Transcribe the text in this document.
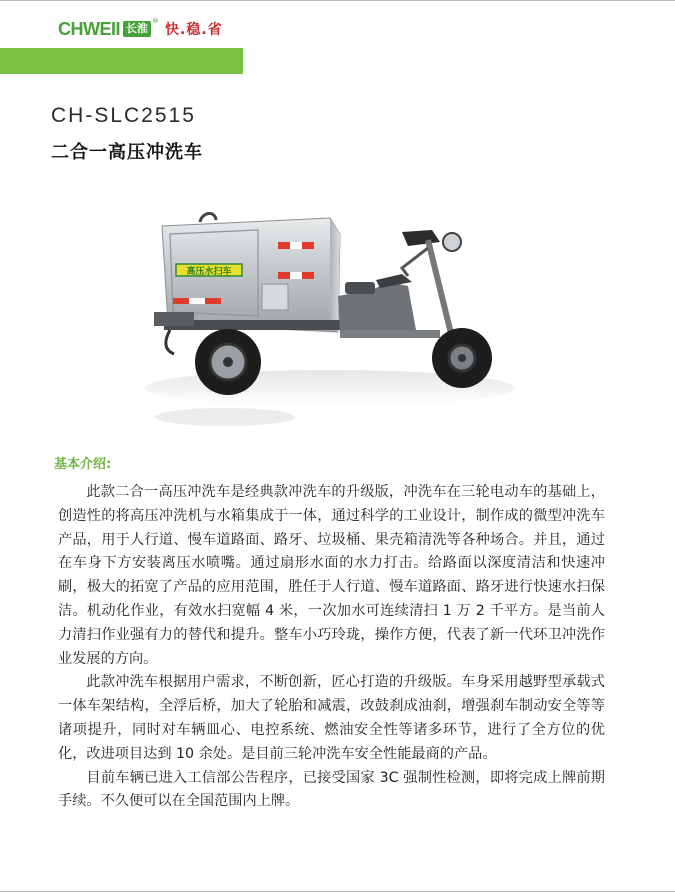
CHWEII 长淮
®
快.稳.省
CH-SLC2515
二合一高压冲洗车
高压水扫车
基本介绍:

此款二合一高压冲洗车是经典款冲洗车的升级版，冲洗车在三轮电动车的基础上，创造性的将高压冲洗机与水箱集成于一体，通过科学的工业设计，制作成的微型冲洗车产品，用于人行道、慢车道路面、路牙、垃圾桶、果壳箱清洗等各种场合。并且，通过在车身下方安装离压水喷嘴。通过扇形水面的水力打击。给路面以深度清洁和快速冲刷，极大的拓宽了产品的应用范围，胜任于人行道、慢车道路面、路牙进行快速水扫保洁。机动化作业，有效水扫宽幅 4 米，一次加水可连续清扫 1 万 2 千平方。是当前人力清扫作业强有力的替代和提升。整车小巧玲珑，操作方便，代表了新一代环卫冲洗作业发展的方向。

此款冲洗车根据用户需求，不断创新，匠心打造的升级版。车身采用越野型承载式一体车架结构，全浮后桥，加大了轮胎和减震，改鼓刹成油刹，增强刹车制动安全等等诸项提升，同时对车辆皿心、电控系统、燃油安全性等诸多环节，进行了全方位的优化，改进项目达到 10 余处。是目前三轮冲洗车安全性能最商的产品。

目前车辆已进入工信部公告程序，已接受国家 3C 强制性检测，即将完成上牌前期手续。不久便可以在全国范围内上牌。
